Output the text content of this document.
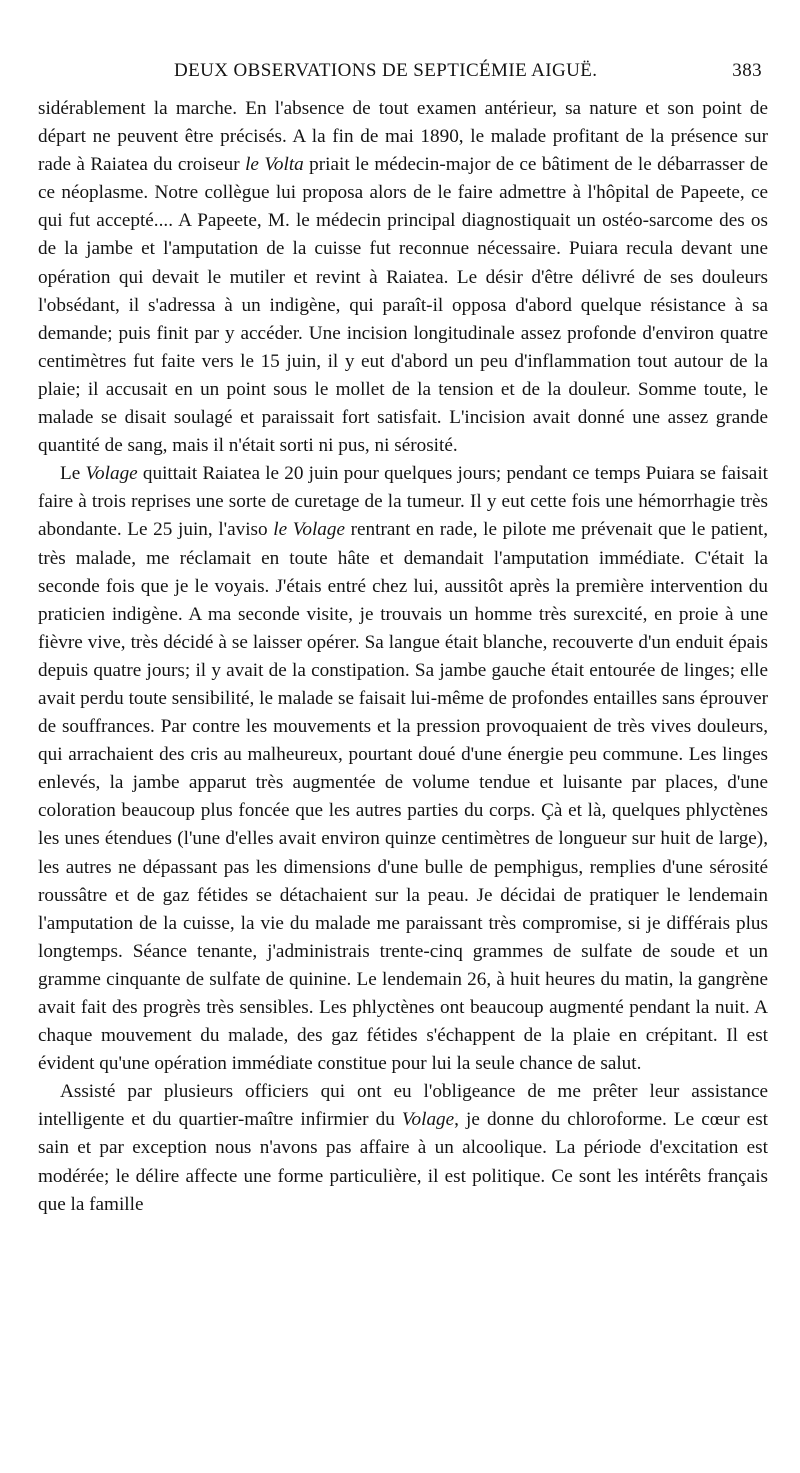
DEUX OBSERVATIONS DE SEPTICÉMIE AIGUË.	383

sidérablement la marche. En l'absence de tout examen antérieur, sa nature et son point de départ ne peuvent être précisés. A la fin de mai 1890, le malade profitant de la présence sur rade à Raiatea du croiseur le Volta priait le médecin-major de ce bâtiment de le débarrasser de ce néoplasme. Notre collègue lui proposa alors de le faire admettre à l'hôpital de Papeete, ce qui fut accepté.... A Papeete, M. le médecin principal diagnostiquait un ostéo-sarcome des os de la jambe et l'amputation de la cuisse fut reconnue nécessaire. Puiara recula devant une opération qui devait le mutiler et revint à Raiatea. Le désir d'être délivré de ses douleurs l'obsédant, il s'adressa à un indigène, qui paraît-il opposa d'abord quelque résistance à sa demande; puis finit par y accéder. Une incision longitudinale assez profonde d'environ quatre centimètres fut faite vers le 15 juin, il y eut d'abord un peu d'inflammation tout autour de la plaie; il accusait en un point sous le mollet de la tension et de la douleur. Somme toute, le malade se disait soulagé et paraissait fort satisfait. L'incision avait donné une assez grande quantité de sang, mais il n'était sorti ni pus, ni sérosité.

Le Volage quittait Raiatea le 20 juin pour quelques jours; pendant ce temps Puiara se faisait faire à trois reprises une sorte de curetage de la tumeur. Il y eut cette fois une hémorrhagie très abondante. Le 25 juin, l'aviso le Volage rentrant en rade, le pilote me prévenait que le patient, très malade, me réclamait en toute hâte et demandait l'amputation immédiate. C'était la seconde fois que je le voyais. J'étais entré chez lui, aussitôt après la première intervention du praticien indigène. A ma seconde visite, je trouvais un homme très surexcité, en proie à une fièvre vive, très décidé à se laisser opérer. Sa langue était blanche, recouverte d'un enduit épais depuis quatre jours; il y avait de la constipation. Sa jambe gauche était entourée de linges; elle avait perdu toute sensibilité, le malade se faisait lui-même de profondes entailles sans éprouver de souffrances. Par contre les mouvements et la pression provoquaient de très vives douleurs, qui arrachaient des cris au malheureux, pourtant doué d'une énergie peu commune. Les linges enlevés, la jambe apparut très augmentée de volume tendue et luisante par places, d'une coloration beaucoup plus foncée que les autres parties du corps. Çà et là, quelques phlyctènes les unes étendues (l'une d'elles avait environ quinze centimètres de longueur sur huit de large), les autres ne dépassant pas les dimensions d'une bulle de pemphigus, remplies d'une sérosité roussâtre et de gaz fétides se détachaient sur la peau. Je décidai de pratiquer le lendemain l'amputation de la cuisse, la vie du malade me paraissant très compromise, si je différais plus longtemps. Séance tenante, j'administrais trente-cinq grammes de sulfate de soude et un gramme cinquante de sulfate de quinine. Le lendemain 26, à huit heures du matin, la gangrène avait fait des progrès très sensibles. Les phlyctènes ont beaucoup augmenté pendant la nuit. A chaque mouvement du malade, des gaz fétides s'échappent de la plaie en crépitant. Il est évident qu'une opération immédiate constitue pour lui la seule chance de salut.

Assisté par plusieurs officiers qui ont eu l'obligeance de me prêter leur assistance intelligente et du quartier-maître infirmier du Volage, je donne du chloroforme. Le cœur est sain et par exception nous n'avons pas affaire à un alcoolique. La période d'excitation est modérée; le délire affecte une forme particulière, il est politique. Ce sont les intérêts français que la famille
